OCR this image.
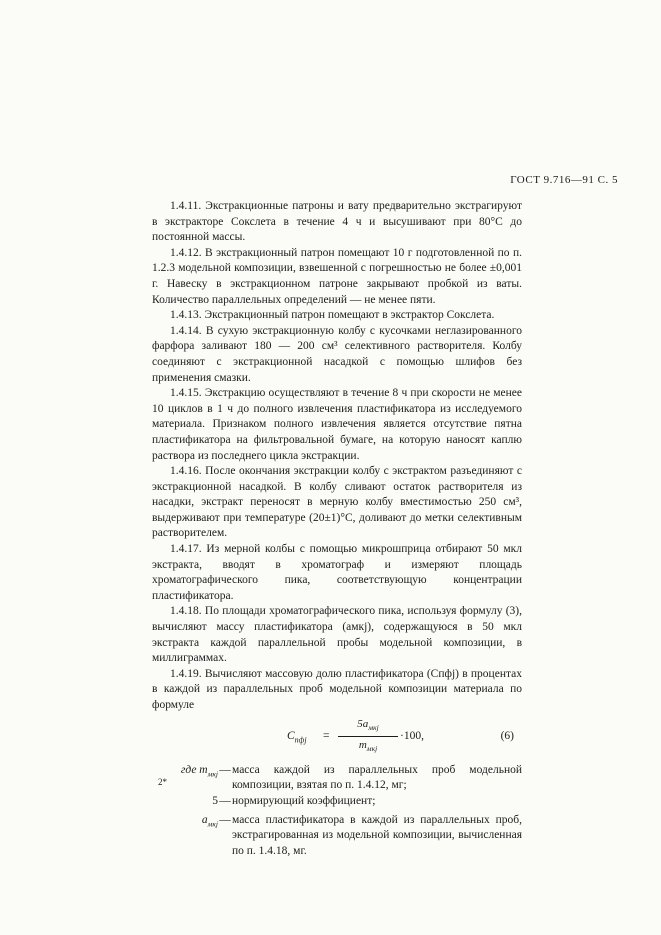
ГОСТ 9.716—91 С. 5

1.4.11. Экстракционные патроны и вату предварительно экстрагируют в экстракторе Сокслета в течение 4 ч и высушивают при 80°С до постоянной массы.

1.4.12. В экстракционный патрон помещают 10 г подготовленной по п. 1.2.3 модельной композиции, взвешенной с погрешностью не более ±0,001 г. Навеску в экстракционном патроне закрывают пробкой из ваты. Количество параллельных определений — не менее пяти.

1.4.13. Экстракционный патрон помещают в экстрактор Сокслета.

1.4.14. В сухую экстракционную колбу с кусочками неглазированного фарфора заливают 180 — 200 см³ селективного растворителя. Колбу соединяют с экстракционной насадкой с помощью шлифов без применения смазки.

1.4.15. Экстракцию осуществляют в течение 8 ч при скорости не менее 10 циклов в 1 ч до полного извлечения пластификатора из исследуемого материала. Признаком полного извлечения является отсутствие пятна пластификатора на фильтровальной бумаге, на которую наносят каплю раствора из последнего цикла экстракции.

1.4.16. После окончания экстракции колбу с экстрактом разъединяют с экстракционной насадкой. В колбу сливают остаток растворителя из насадки, экстракт переносят в мерную колбу вместимостью 250 см³, выдерживают при температуре (20±1)°С, доливают до метки селективным растворителем.

1.4.17. Из мерной колбы с помощью микрошприца отбирают 50 мкл экстракта, вводят в хроматограф и измеряют площадь хроматографического пика, соответствующую концентрации пластификатора.

1.4.18. По площади хроматографического пика, используя формулу (3), вычисляют массу пластификатора (aмкj), содержащуюся в 50 мкл экстракта каждой параллельной пробы модельной композиции, в миллиграммах.

1.4.19. Вычисляют массовую долю пластификатора (Cпфj) в процентах в каждой из параллельных проб модельной композиции материала по формуле

$C_{пфj}$ =
$5a_{мкj}$
$m_{мкj}$
·100,	(6)
где $m_{мкj}$ — масса каждой из параллельных проб модельной композиции, взятая по п. 1.4.12, мг;
5 — нормирующий коэффициент;
$a_{мкj}$ — масса пластификатора в каждой из параллельных проб, экстрагированная из модельной композиции, вычисленная по п. 1.4.18, мг.
2*
